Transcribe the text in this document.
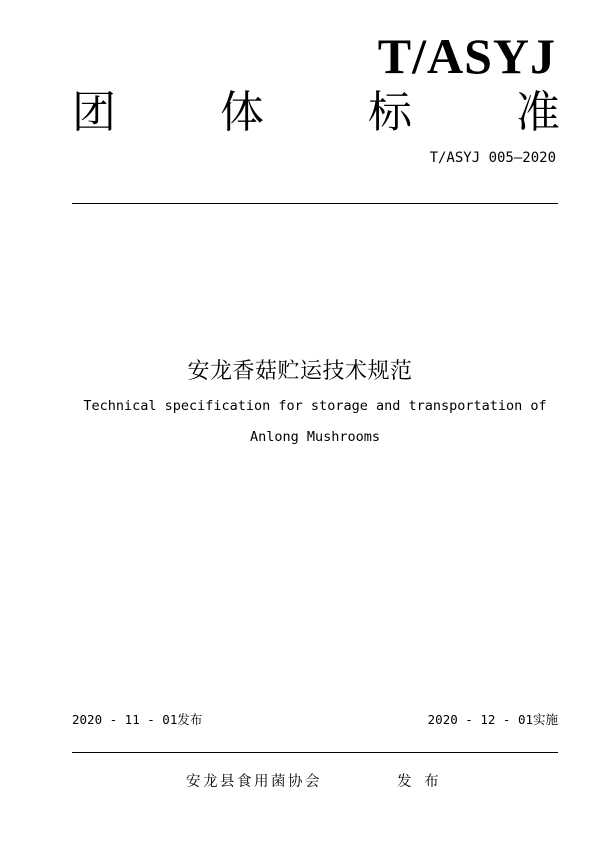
T/ASYJ
团 体 标 准
T/ASYJ 005—2020
安龙香菇贮运技术规范
Technical specification for storage and transportation of
Anlong Mushrooms
2020 - 11 - 01发布	2020 - 12 - 01实施
安龙县食用菌协会	发 布
